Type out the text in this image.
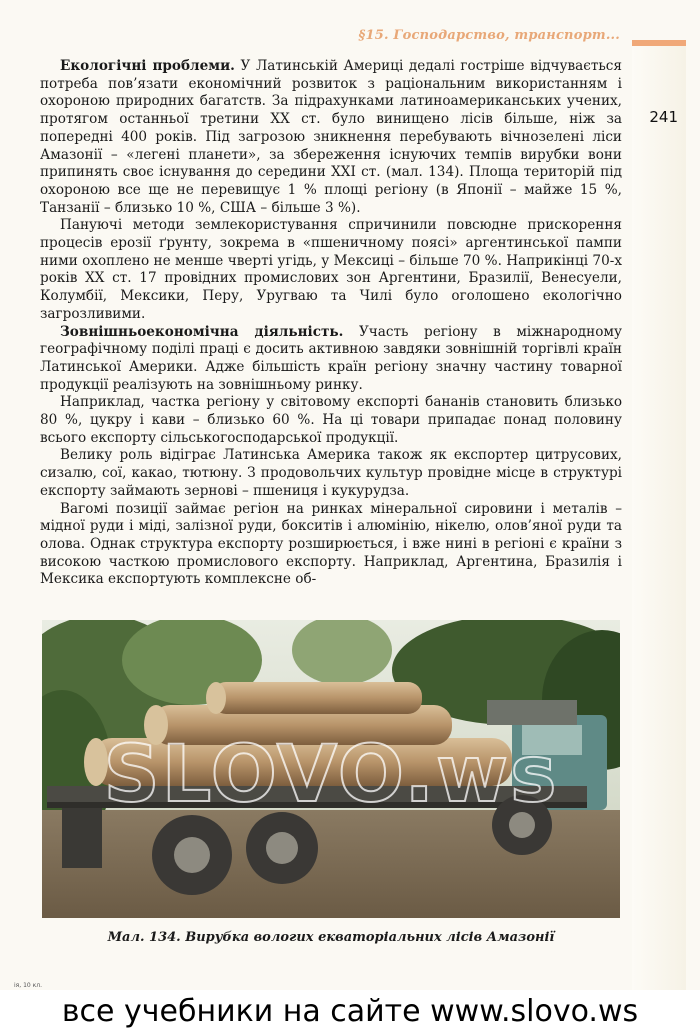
§15. Господарство, транспорт...
241

Екологічні проблеми. У Латинській Америці дедалі гостріше відчувається потреба пов’язати економічний розвиток з раціональним використанням і охороною природних багатств. За підрахунками латиноамериканських учених, протягом останньої третини XX ст. було винищено лісів більше, ніж за попередні 400 років. Під загрозою зникнення перебувають вічнозелені ліси Амазонії – «легені планети», за збереження існуючих темпів вирубки вони припинять своє існування до середини XXI ст. (мал. 134). Площа територій під охороною все ще не перевищує 1 % площі регіону (в Японії – майже 15 %, Танзанії – близько 10 %, США – більше 3 %).

Пануючі методи землекористування спричинили повсюдне прискорення процесів ерозії ґрунту, зокрема в «пшеничному поясі» аргентинської пампи ними охоплено не менше чверті угідь, у Мексиці – більше 70 %. Наприкінці 70-х років XX ст. 17 провідних промислових зон Аргентини, Бразилії, Венесуели, Колумбії, Мексики, Перу, Уругваю та Чилі було оголошено екологічно загрозливими.

Зовнішньоекономічна діяльність. Участь регіону в міжнародному географічному поділі праці є досить активною завдяки зовнішній торгівлі країн Латинської Америки. Адже більшість країн регіону значну частину товарної продукції реалізують на зовнішньому ринку.

Наприклад, частка регіону у світовому експорті бананів становить близько 80 %, цукру і кави – близько 60 %. На ці товари припадає понад половину всього експорту сільськогосподарської продукції.

Велику роль відіграє Латинська Америка також як експортер цитрусових, сизалю, сої, какао, тютюну. З продовольчих культур провідне місце в структурі експорту займають зернові – пшениця і кукурудза.

Вагомі позиції займає регіон на ринках мінеральної сировини і металів – мідної руди і міді, залізної руди, бокситів і алюмінію, нікелю, олов’яної руди та олова. Однак структура експорту розширюється, і вже нині в регіоні є країни з високою часткою промислового експорту. Наприклад, Аргентина, Бразилія і Мексика експортують комплексне об-

SLOVO.ws
Мал. 134. Вирубка вологих екваторіальних лісів Амазонії
ія, 10 кл.
все учебники на сайте www.slovo.ws
